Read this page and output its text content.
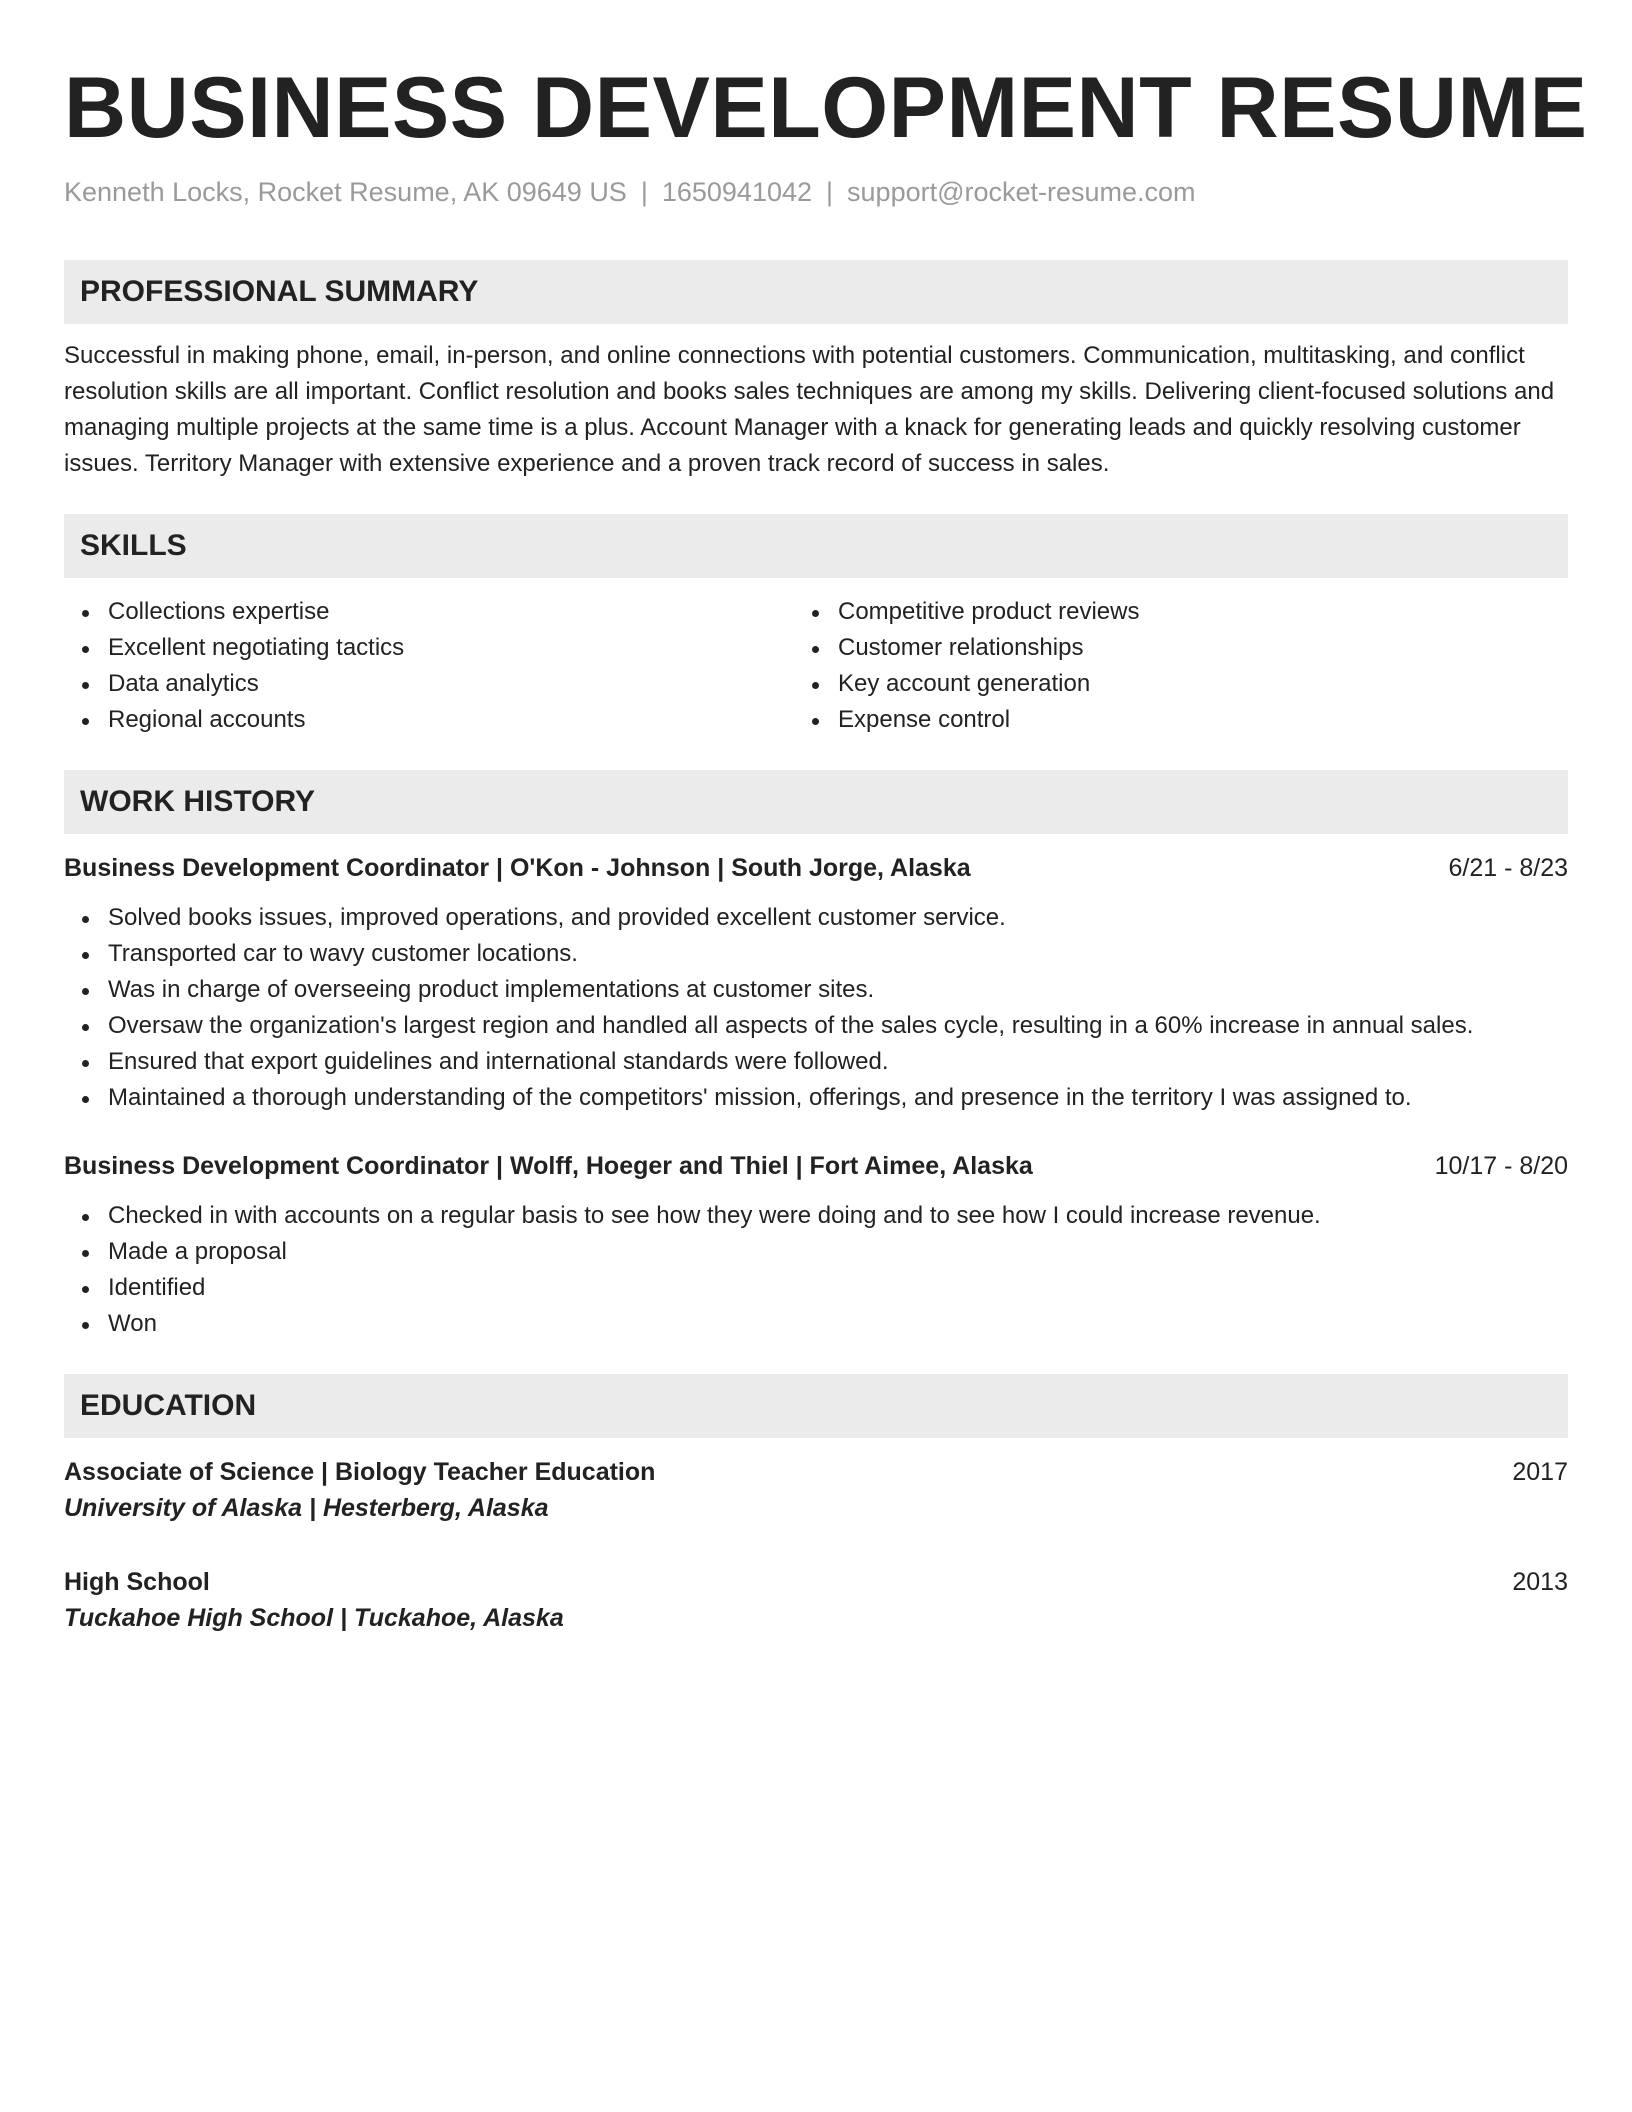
BUSINESS DEVELOPMENT RESUME
Kenneth Locks, Rocket Resume, AK 09649 US | 1650941042 | support@rocket-resume.com
PROFESSIONAL SUMMARY

Successful in making phone, email, in-person, and online connections with potential customers. Communication, multitasking, and conflict resolution skills are all important. Conflict resolution and books sales techniques are among my skills. Delivering client-focused solutions and managing multiple projects at the same time is a plus. Account Manager with a knack for generating leads and quickly resolving customer issues. Territory Manager with extensive experience and a proven track record of success in sales.

SKILLS
Collections expertise
Excellent negotiating tactics
Data analytics
Regional accounts
Competitive product reviews
Customer relationships
Key account generation
Expense control
WORK HISTORY
Business Development Coordinator | O'Kon - Johnson | South Jorge, Alaska	6/21 - 8/23
Solved books issues, improved operations, and provided excellent customer service.
Transported car to wavy customer locations.
Was in charge of overseeing product implementations at customer sites.
Oversaw the organization's largest region and handled all aspects of the sales cycle, resulting in a 60% increase in annual sales.
Ensured that export guidelines and international standards were followed.
Maintained a thorough understanding of the competitors' mission, offerings, and presence in the territory I was assigned to.
Business Development Coordinator | Wolff, Hoeger and Thiel | Fort Aimee, Alaska	10/17 - 8/20
Checked in with accounts on a regular basis to see how they were doing and to see how I could increase revenue.
Made a proposal
Identified
Won
EDUCATION
Associate of Science | Biology Teacher Education	2017
University of Alaska | Hesterberg, Alaska
High School	2013
Tuckahoe High School | Tuckahoe, Alaska
